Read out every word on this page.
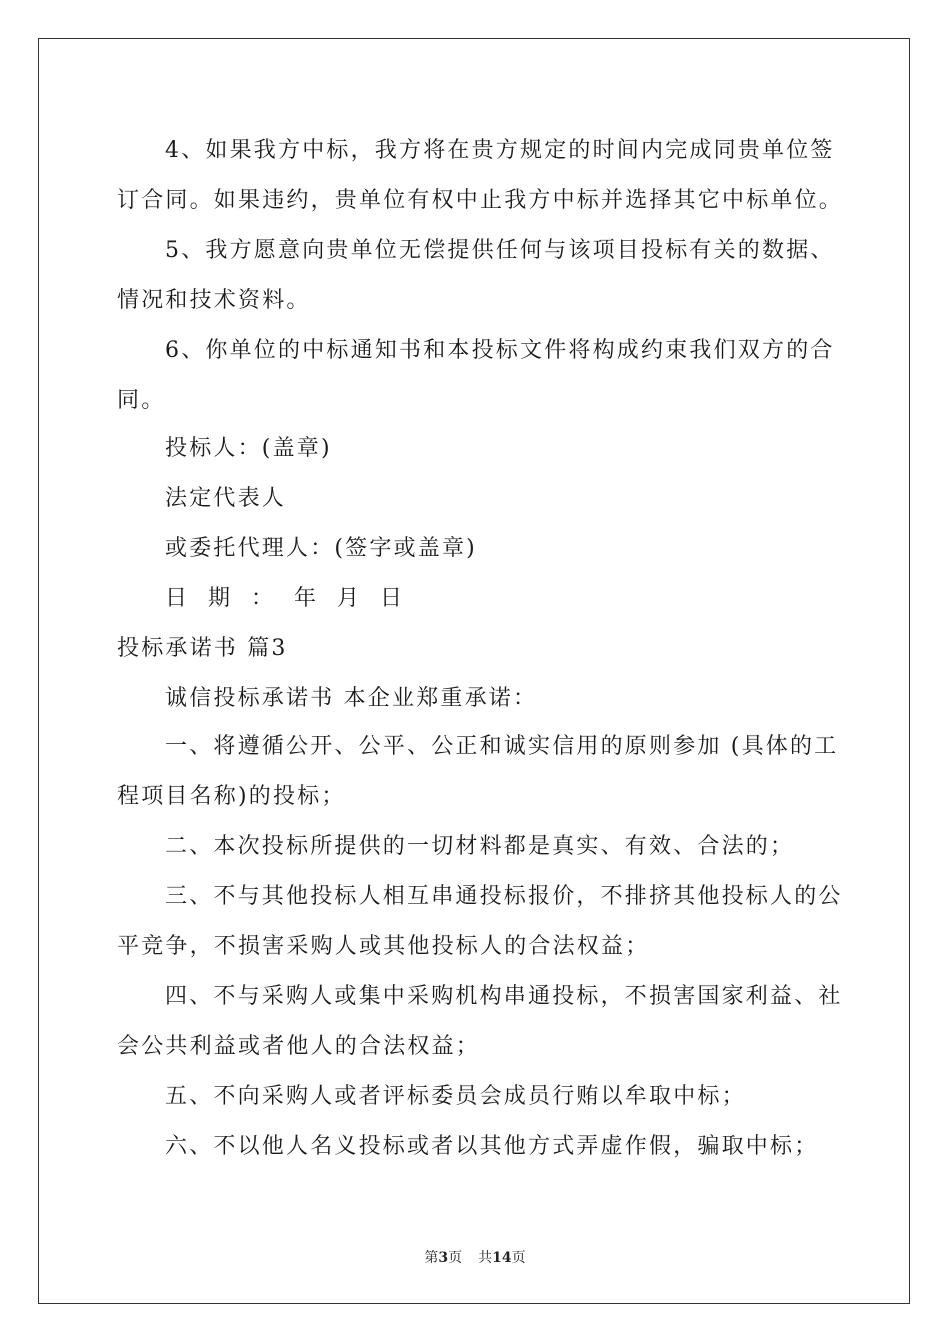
4、如果我方中标，我方将在贵方规定的时间内完成同贵单位签
订合同。如果违约，贵单位有权中止我方中标并选择其它中标单位。
5、我方愿意向贵单位无偿提供任何与该项目投标有关的数据、
情况和技术资料。
6、你单位的中标通知书和本投标文件将构成约束我们双方的合
同。
投标人：(盖章)
法定代表人
或委托代理人：(签字或盖章)
日 期 ： 年 月 日
投标承诺书 篇3
诚信投标承诺书 本企业郑重承诺：
一、将遵循公开、公平、公正和诚实信用的原则参加 (具体的工
程项目名称)的投标；
二、本次投标所提供的一切材料都是真实、有效、合法的；
三、不与其他投标人相互串通投标报价，不排挤其他投标人的公
平竞争，不损害采购人或其他投标人的合法权益；
四、不与采购人或集中采购机构串通投标，不损害国家利益、社
会公共利益或者他人的合法权益；
五、不向采购人或者评标委员会成员行贿以牟取中标；
六、不以他人名义投标或者以其他方式弄虚作假，骗取中标；
第3页 共14页
